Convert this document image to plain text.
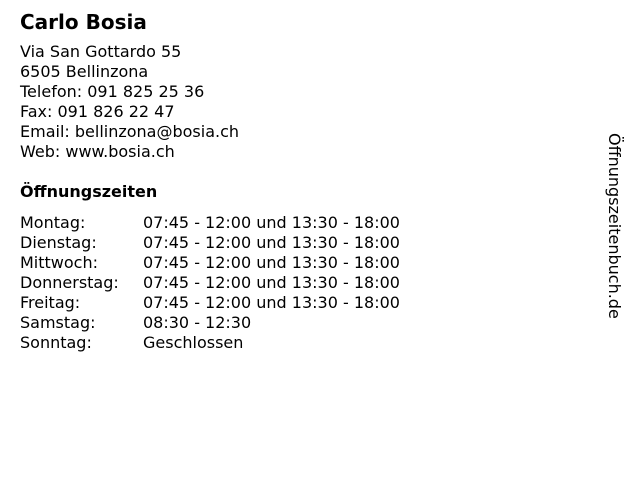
Carlo Bosia
Via San Gottardo 55
6505 Bellinzona
Telefon: 091 825 25 36
Fax: 091 826 22 47
Email: bellinzona@bosia.ch
Web: www.bosia.ch
Öffnungszeiten
Montag:	07:45 - 12:00 und 13:30 - 18:00
Dienstag:	07:45 - 12:00 und 13:30 - 18:00
Mittwoch:	07:45 - 12:00 und 13:30 - 18:00
Donnerstag: 07:45 - 12:00 und 13:30 - 18:00
Freitag:	07:45 - 12:00 und 13:30 - 18:00
Samstag:	08:30 - 12:30
Sonntag:	Geschlossen
Öffnungszeitenbuch.de
